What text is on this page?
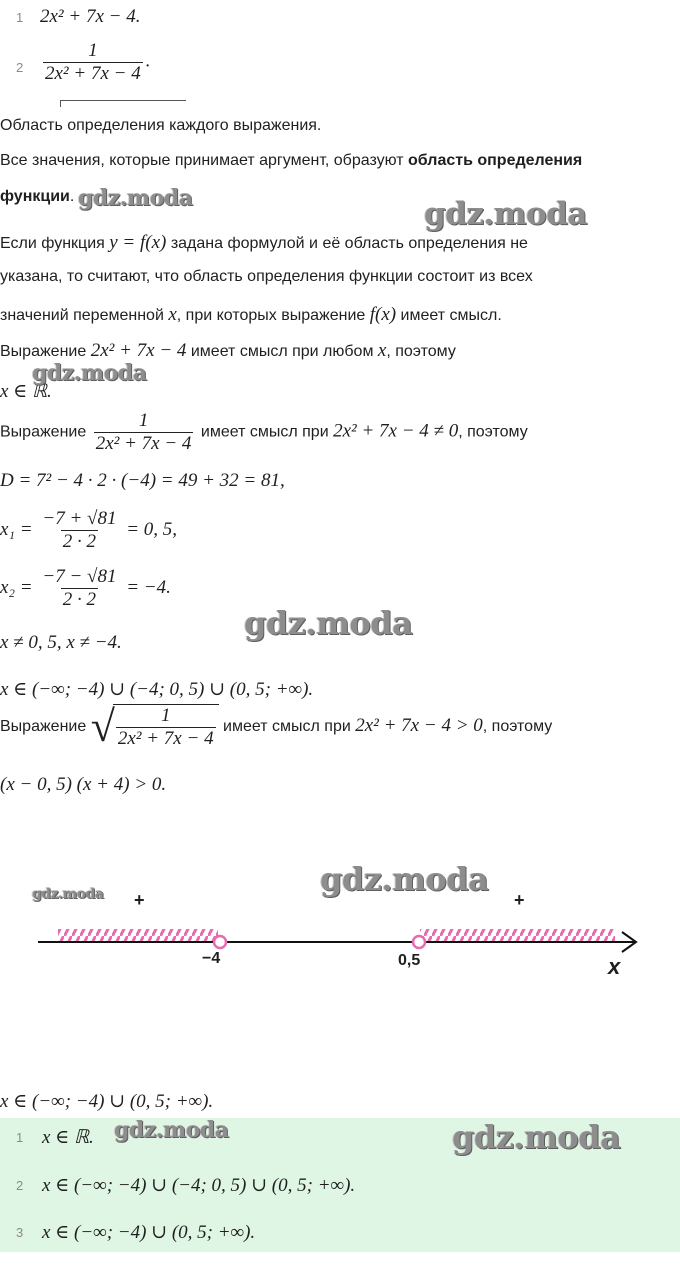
1 2x² + 7x − 4.
$2 \frac{1}{\text{2x² + 7x − 4}}$ .
Область определения каждого выражения.
Все значения, которые принимает аргумент, образуют область определения
функции. gdz.moda	gdz.moda
Если функция y = f(x) задана формулой и её область определения не
указана, то считают, что область определения функции состоит из всех
значений переменной x, при которых выражение f(x) имеет смысл.
Выражение 2x² + 7x − 4 имеет смысл при любом x, поэтому
x ∈ ℝ.
gdz.moda
Выражение $\frac{1}{\text{2x² + 7x − 4}}$ имеет смысл при 2x² + 7x − 4 ≠ 0, поэтому
D = 7² − 4 · 2 · (−4) = 49 + 32 = 81,
$x_1 = \frac{-7 + √81}{2 \cdot 2} = 0$, 5,
$x_2 = \frac{-7 - √81}{2 \cdot 2} = -4$.
x ≠ 0, 5, x ≠ −4.
gdz.moda
x ∈ (−∞; −4) ∪ (−4; 0, 5) ∪ (0, 5; +∞).
Выражение √ $\frac{1}{\text{2x² + 7x − 4}}$ имеет смысл при 2x² + 7x − 4 > 0, поэтому
(x − 0, 5) (x + 4) > 0.
gdz.moda	gdz.moda
+	+
−4	0,5	x
x ∈ (−∞; −4) ∪ (0, 5; +∞).
1 x ∈ ℝ. gdz.moda	gdz.moda
2 x ∈ (−∞; −4) ∪ (−4; 0, 5) ∪ (0, 5; +∞).
3 x ∈ (−∞; −4) ∪ (0, 5; +∞).
